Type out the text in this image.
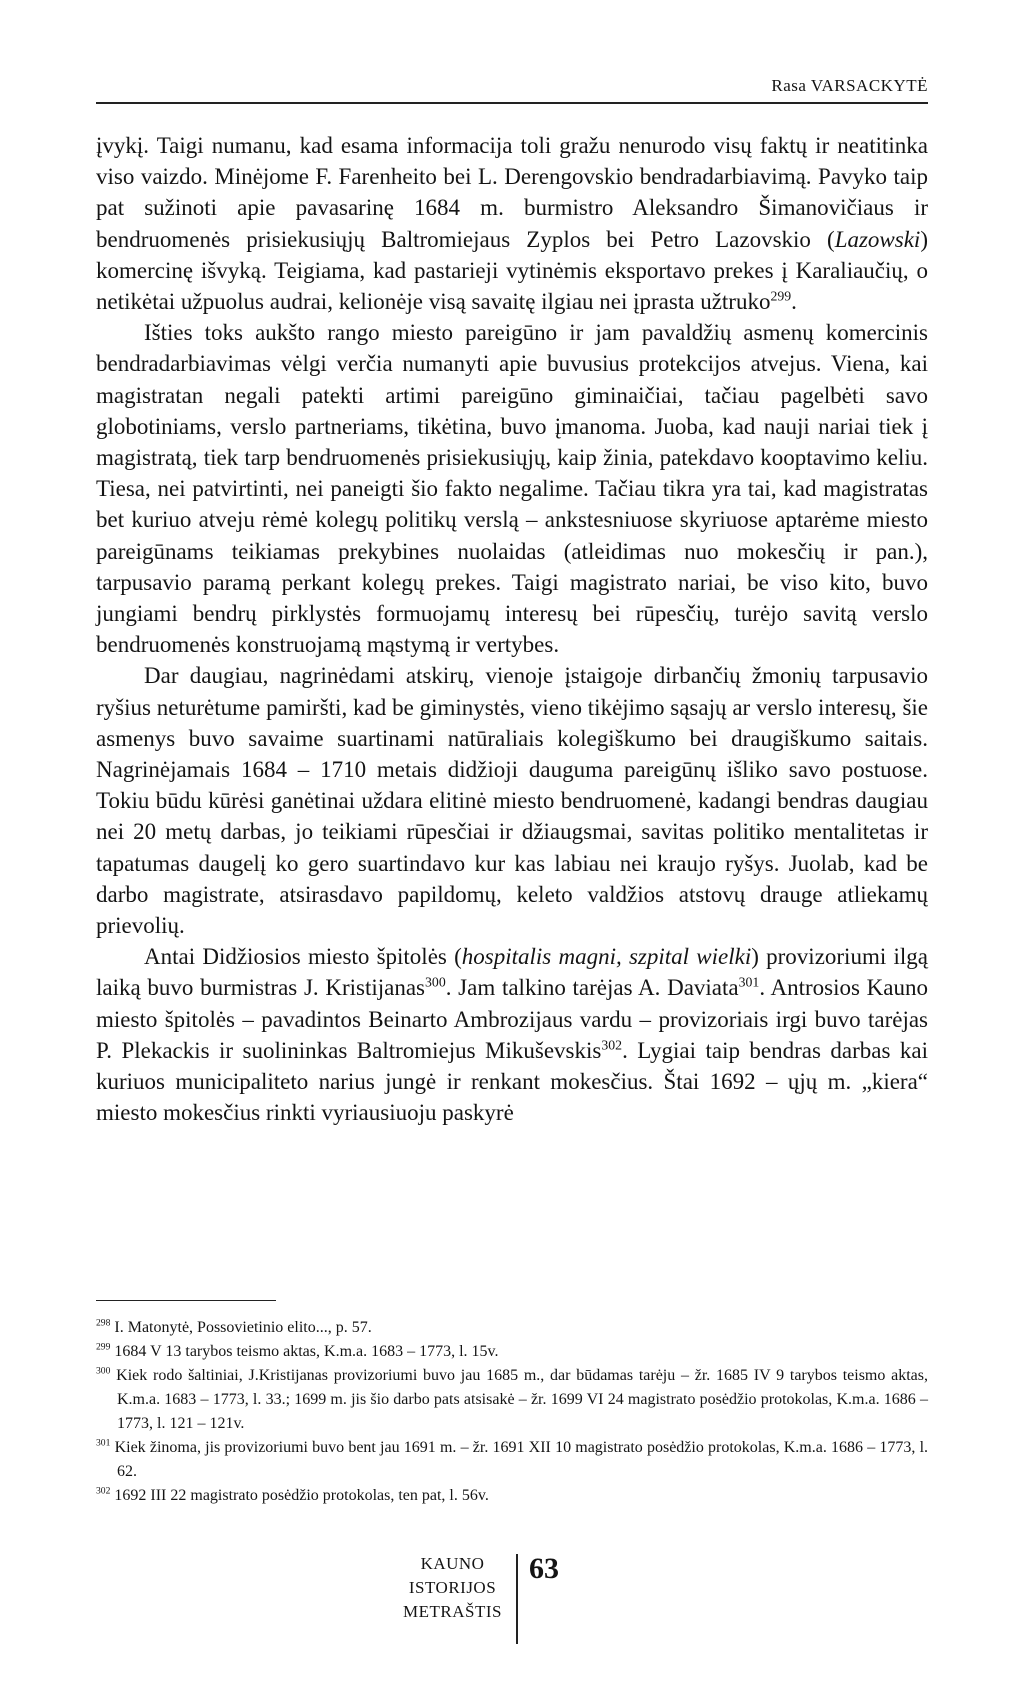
Rasa VARSACKYTĖ

įvykį. Taigi numanu, kad esama informacija toli gražu nenurodo visų faktų ir neatitinka viso vaizdo. Minėjome F. Farenheito bei L. Derengovskio bendradarbiavimą. Pavyko taip pat sužinoti apie pavasarinę 1684 m. burmistro Aleksandro Šimanovičiaus ir bendruomenės prisiekusiųjų Baltromiejaus Zyplos bei Petro Lazovskio (Lazowski) komercinę išvyką. Teigiama, kad pastarieji vytinėmis eksportavo prekes į Karaliaučių, o netikėtai užpuolus audrai, kelionėje visą savaitę ilgiau nei įprasta užtruko$^{299}$.

Išties toks aukšto rango miesto pareigūno ir jam pavaldžių asmenų komercinis bendradarbiavimas vėlgi verčia numanyti apie buvusius protekcijos atvejus. Viena, kai magistratan negali patekti artimi pareigūno giminaičiai, tačiau pagelbėti savo globotiniams, verslo partneriams, tikėtina, buvo įmanoma. Juoba, kad nauji nariai tiek į magistratą, tiek tarp bendruomenės prisiekusiųjų, kaip žinia, patekdavo kooptavimo keliu. Tiesa, nei patvirtinti, nei paneigti šio fakto negalime. Tačiau tikra yra tai, kad magistratas bet kuriuo atveju rėmė kolegų politikų verslą – ankstesniuose skyriuose aptarėme miesto pareigūnams teikiamas prekybines nuolaidas (atleidimas nuo mokesčių ir pan.), tarpusavio paramą perkant kolegų prekes. Taigi magistrato nariai, be viso kito, buvo jungiami bendrų pirklystės formuojamų interesų bei rūpesčių, turėjo savitą verslo bendruomenės konstruojamą mąstymą ir vertybes.

Dar daugiau, nagrinėdami atskirų, vienoje įstaigoje dirbančių žmonių tarpusavio ryšius neturėtume pamiršti, kad be giminystės, vieno tikėjimo sąsajų ar verslo interesų, šie asmenys buvo savaime suartinami natūraliais kolegiškumo bei draugiškumo saitais. Nagrinėjamais 1684 – 1710 metais didžioji dauguma pareigūnų išliko savo postuose. Tokiu būdu kūrėsi ganėtinai uždara elitinė miesto bendruomenė, kadangi bendras daugiau nei 20 metų darbas, jo teikiami rūpesčiai ir džiaugsmai, savitas politiko mentalitetas ir tapatumas daugelį ko gero suartindavo kur kas labiau nei kraujo ryšys. Juolab, kad be darbo magistrate, atsirasdavo papildomų, keleto valdžios atstovų drauge atliekamų prievolių.

Antai Didžiosios miesto špitolės (hospitalis magni, szpital wielki) provizoriumi ilgą laiką buvo burmistras J. Kristijanas$^{300}$. Jam talkino tarėjas A. Daviata$^{301}$. Antrosios Kauno miesto špitolės – pavadintos Beinarto Ambrozijaus vardu – provizoriais irgi buvo tarėjas P. Plekackis ir suolininkas Baltromiejus Mikuševskis$^{302}$. Lygiai taip bendras darbas kai kuriuos municipaliteto narius jungė ir renkant mokesčius. Štai 1692 – ųjų m. „kiera“ miesto mokesčius rinkti vyriausiuoju paskyrė

$^{298}$ I. Matonytė, Possovietinio elito..., p. 57.
$^{299}$ 1684 V 13 tarybos teismo aktas, K.m.a. 1683 – 1773, l. 15v.
$^{300}$ Kiek rodo šaltiniai, J.Kristijanas provizoriumi buvo jau 1685 m., dar būdamas tarėju – žr. 1685 IV 9 tarybos teismo aktas, K.m.a. 1683 – 1773, l. 33.; 1699 m. jis šio darbo pats atsisakė – žr. 1699 VI 24 magistrato posėdžio protokolas, K.m.a. 1686 – 1773, l. 121 – 121v.
$^{301}$ Kiek žinoma, jis provizoriumi buvo bent jau 1691 m. – žr. 1691 XII 10 magistrato posėdžio protokolas, K.m.a. 1686 – 1773, l. 62.
$^{302}$ 1692 III 22 magistrato posėdžio protokolas, ten pat, l. 56v.
KAUNO
ISTORIJOS
METRAŠTIS
63
